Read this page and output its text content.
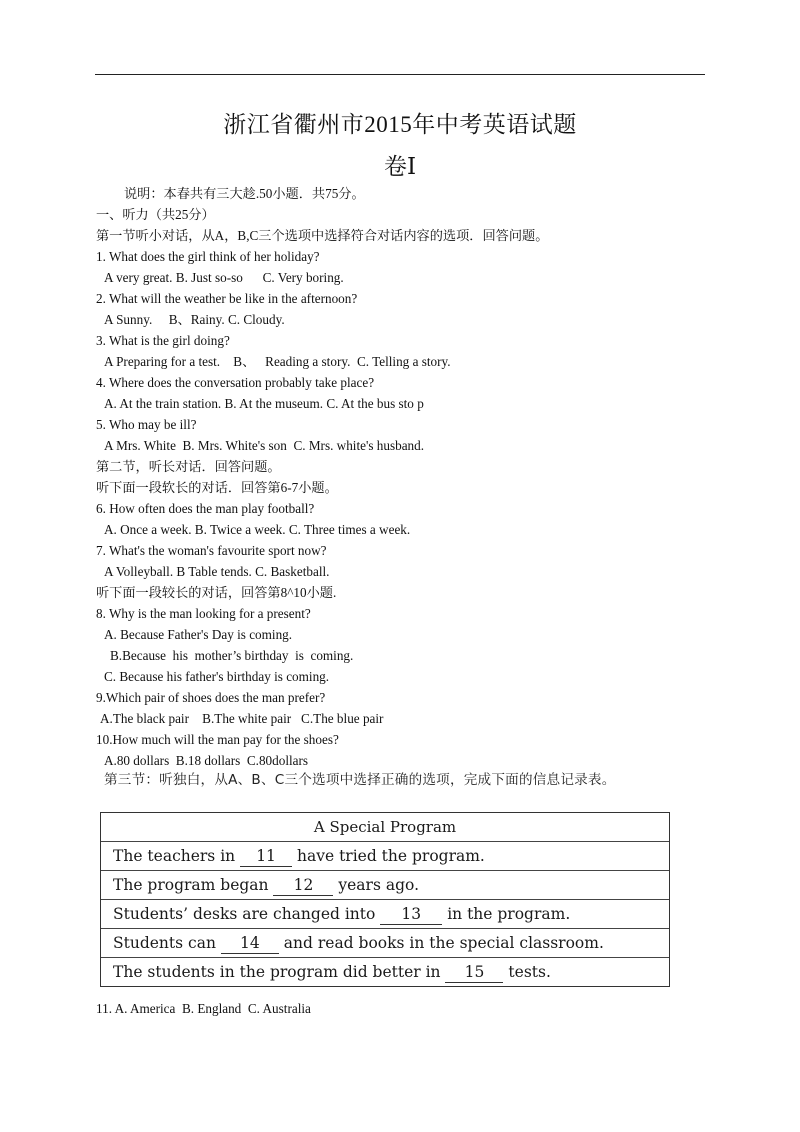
浙江省衢州市2015年中考英语试题
卷Ⅰ
说明：本春共有三大趁.50小题．共75分。
一、听力（共25分）
第一节听小对话，从A，B,C三个选项中选择符合对话内容的选项．回答问题。
1. What does the girl think of her holiday?
A very great. B. Just so-so      C. Very boring.
2. What will the weather be like in the afternoon?
A Sunny.     B、Rainy. C. Cloudy.
3. What is the girl doing?
A Preparing for a test.    B、   Reading a story.  C. Telling a story.
4. Where does the conversation probably take place?
A. At the train station. B. At the museum. C. At the bus sto p
5. Who may be ill?
A Mrs. White  B. Mrs. White's son  C. Mrs. white's husband.
第二节，听长对话．回答问题。
听下面一段软长的对话．回答第6-7小题。
6. How often does the man play football?
A. Once a week. B. Twice a week. C. Three times a week.
7. What's the woman's favourite sport now?
A Volleyball. B Table tends. C. Basketball.
听下面一段较长的对话，回答第8^10小题.
8. Why is the man looking for a present?
A. Because Father's Day is coming.
B.Because  his  mother’s birthday  is  coming.
C. Because his father's birthday is coming.
9.Which pair of shoes does the man prefer?
A.The black pair    B.The white pair   C.The blue pair
10.How much will the man pay for the shoes?
A.80 dollars  B.18 dollars  C.80dollars
第三节：听独白，从A、B、C三个选项中选择正确的选项，完成下面的信息记录表。
A Special Program
The teachers in 11 have tried the program.
The program began 12 years ago.
Students’ desks are changed into 13 in the program.
Students can 14 and read books in the special classroom.
The students in the program did better in 15 tests.
11. A. America  B. England  C. Australia
